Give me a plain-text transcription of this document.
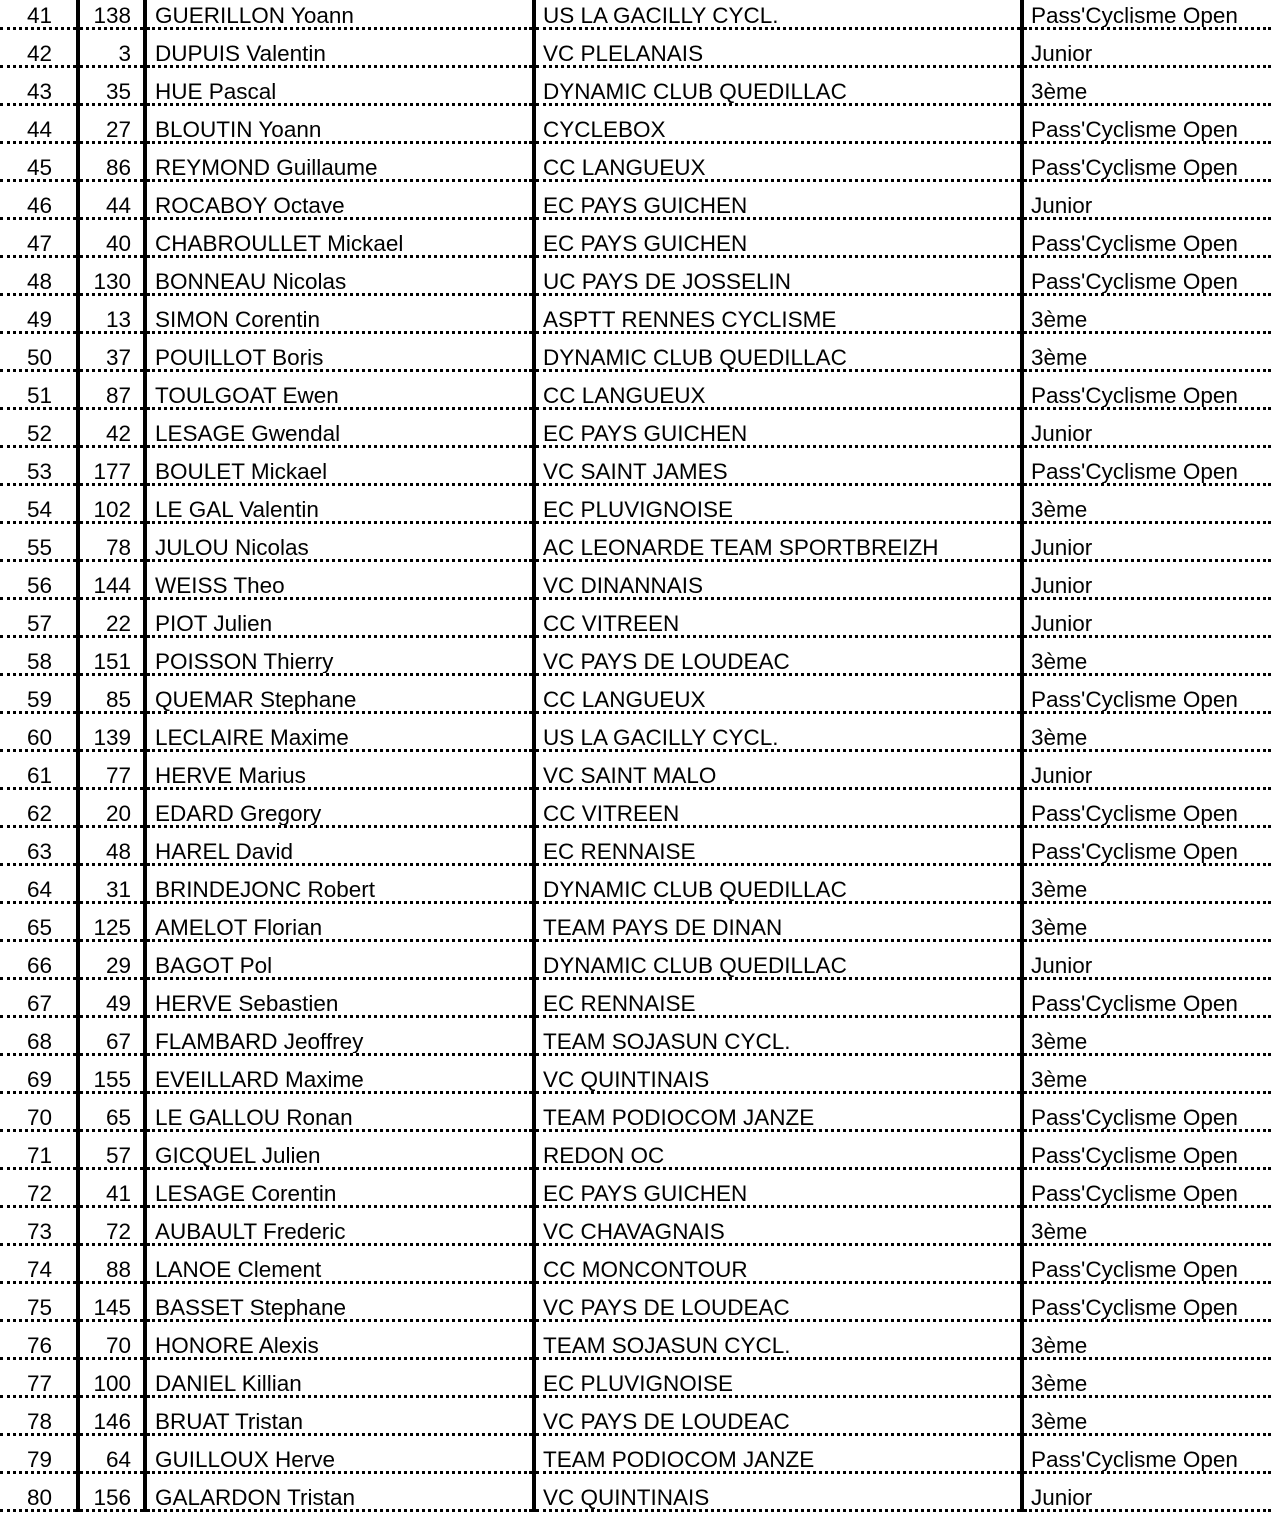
41 138 GUERILLON Yoann	US LA GACILLY CYCL.	Pass'Cyclisme Open
42	3 DUPUIS Valentin	VC PLELANAIS	Junior
43 35 HUE Pascal	DYNAMIC CLUB QUEDILLAC	3ème
44 27 BLOUTIN Yoann	CYCLEBOX	Pass'Cyclisme Open
45 86 REYMOND Guillaume	CC LANGUEUX	Pass'Cyclisme Open
46 44 ROCABOY Octave	EC PAYS GUICHEN	Junior
47 40 CHABROULLET Mickael	EC PAYS GUICHEN	Pass'Cyclisme Open
48 130 BONNEAU Nicolas	UC PAYS DE JOSSELIN	Pass'Cyclisme Open
49 13 SIMON Corentin	ASPTT RENNES CYCLISME	3ème
50 37 POUILLOT Boris	DYNAMIC CLUB QUEDILLAC	3ème
51 87 TOULGOAT Ewen	CC LANGUEUX	Pass'Cyclisme Open
52 42 LESAGE Gwendal	EC PAYS GUICHEN	Junior
53 177 BOULET Mickael	VC SAINT JAMES	Pass'Cyclisme Open
54 102 LE GAL Valentin	EC PLUVIGNOISE	3ème
55 78 JULOU Nicolas	AC LEONARDE TEAM SPORTBREIZH	Junior
56 144 WEISS Theo	VC DINANNAIS	Junior
57 22 PIOT Julien	CC VITREEN	Junior
58 151 POISSON Thierry	VC PAYS DE LOUDEAC	3ème
59 85 QUEMAR Stephane	CC LANGUEUX	Pass'Cyclisme Open
60 139 LECLAIRE Maxime	US LA GACILLY CYCL.	3ème
61 77 HERVE Marius	VC SAINT MALO	Junior
62 20 EDARD Gregory	CC VITREEN	Pass'Cyclisme Open
63 48 HAREL David	EC RENNAISE	Pass'Cyclisme Open
64 31 BRINDEJONC Robert	DYNAMIC CLUB QUEDILLAC	3ème
65 125 AMELOT Florian	TEAM PAYS DE DINAN	3ème
66 29 BAGOT Pol	DYNAMIC CLUB QUEDILLAC	Junior
67 49 HERVE Sebastien	EC RENNAISE	Pass'Cyclisme Open
68 67 FLAMBARD Jeoffrey	TEAM SOJASUN CYCL.	3ème
69 155 EVEILLARD Maxime	VC QUINTINAIS	3ème
70 65 LE GALLOU Ronan	TEAM PODIOCOM JANZE	Pass'Cyclisme Open
71 57 GICQUEL Julien	REDON OC	Pass'Cyclisme Open
72 41 LESAGE Corentin	EC PAYS GUICHEN	Pass'Cyclisme Open
73 72 AUBAULT Frederic	VC CHAVAGNAIS	3ème
74 88 LANOE Clement	CC MONCONTOUR	Pass'Cyclisme Open
75 145 BASSET Stephane	VC PAYS DE LOUDEAC	Pass'Cyclisme Open
76 70 HONORE Alexis	TEAM SOJASUN CYCL.	3ème
77 100 DANIEL Killian	EC PLUVIGNOISE	3ème
78 146 BRUAT Tristan	VC PAYS DE LOUDEAC	3ème
79 64 GUILLOUX Herve	TEAM PODIOCOM JANZE	Pass'Cyclisme Open
80 156 GALARDON Tristan	VC QUINTINAIS	Junior
